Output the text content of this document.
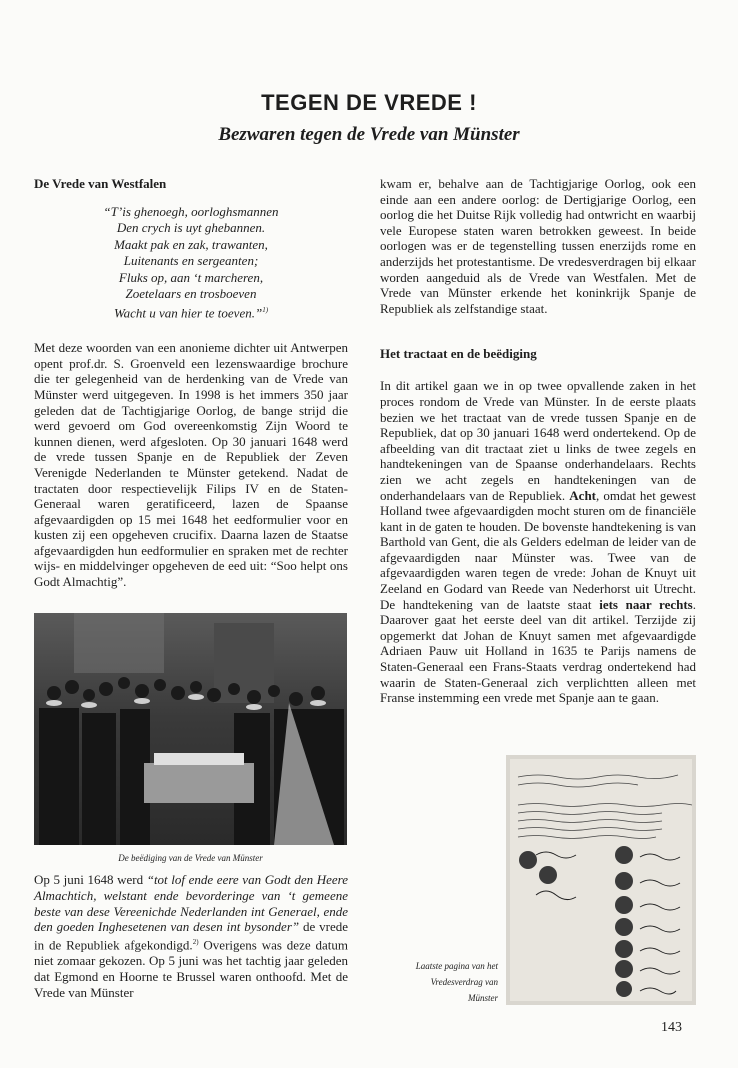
TEGEN DE VREDE !
Bezwaren tegen de Vrede van Münster
De Vrede van Westfalen
“T’is ghenoegh, oorloghsmannen
Den crych is uyt ghebannen.
Maakt pak en zak, trawanten,
Luitenants en sergeanten;
Fluks op, aan ‘t marcheren,
Zoetelaars en trosboeven
Wacht u van hier te toeven.”$^{1)}$

Met deze woorden van een anonieme dichter uit Antwerpen opent prof.dr. S. Groenveld een lezenswaardige brochure die ter gelegenheid van de herdenking van de Vrede van Münster werd uitgegeven. In 1998 is het immers 350 jaar geleden dat de Tachtigjarige Oorlog, de bange strijd die werd gevoerd om God overeenkomstig Zijn Woord te kunnen dienen, werd afgesloten. Op 30 januari 1648 werd de vrede tussen Spanje en de Republiek der Zeven Verenigde Nederlanden te Münster getekend. Nadat de tractaten door respectievelijk Filips IV en de Staten-Generaal waren geratificeerd, lazen de Spaanse afgevaardigden op 15 mei 1648 het eedformulier voor en kusten zij een opgeheven crucifix. Daarna lazen de Staatse afgevaardigden hun eedformulier en spraken met de rechter wijs- en middelvinger opgeheven de eed uit: “Soo helpt ons Godt Almachtig”.

De beëdiging van de Vrede van Münster

Op 5 juni 1648 werd “tot lof ende eere van Godt den Heere Almachtich, welstant ende bevorderinge van ‘t gemeene beste van dese Vereenichde Nederlanden int Generael, ende den goeden Inghesetenen van desen int bysonder” de vrede in de Republiek afgekondigd.$^{2)}$ Overigens was deze datum niet zomaar gekozen. Op 5 juni was het tachtig jaar geleden dat Egmond en Hoorne te Brussel waren onthoofd. Met de Vrede van Münster

kwam er, behalve aan de Tachtigjarige Oorlog, ook een einde aan een andere oorlog: de Dertigjarige Oorlog, een oorlog die het Duitse Rijk volledig had ontwricht en waarbij vele Europese staten waren betrokken geweest. In beide oorlogen was er de tegenstelling tussen enerzijds rome en anderzijds het protestantisme. De vredesverdragen bij elkaar worden aangeduid als de Vrede van Westfalen. Met de Vrede van Münster erkende het koninkrijk Spanje de Republiek als zelfstandige staat.

Het tractaat en de beëdiging

In dit artikel gaan we in op twee opvallende zaken in het proces rondom de Vrede van Münster. In de eerste plaats bezien we het tractaat van de vrede tussen Spanje en de Republiek, dat op 30 januari 1648 werd ondertekend. Op de afbeelding van dit tractaat ziet u links de twee zegels en handtekeningen van de Spaanse onderhandelaars. Rechts zien we acht zegels en handtekeningen van de onderhandelaars van de Republiek. Acht, omdat het gewest Holland twee afgevaardigden mocht sturen om de financiële kant in de gaten te houden. De bovenste handtekening is van Barthold van Gent, die als Gelders edelman de leider van de afgevaardigden naar Münster was. Twee van de afgevaardigden waren tegen de vrede: Johan de Knuyt uit Zeeland en Godard van Reede van Nederhorst uit Utrecht. De handtekening van de laatste staat iets naar rechts. Daarover gaat het eerste deel van dit artikel. Terzijde zij opgemerkt dat Johan de Knuyt samen met afgevaardigde Adriaen Pauw uit Holland in 1635 te Parijs namens de Staten-Generaal een Frans-Staats verdrag ondertekend had waarin de Staten-Generaal zich verplichtten alleen met Franse instemming een vrede met Spanje aan te gaan.

Laatste pagina van het
Vredesverdrag van
Münster
143
